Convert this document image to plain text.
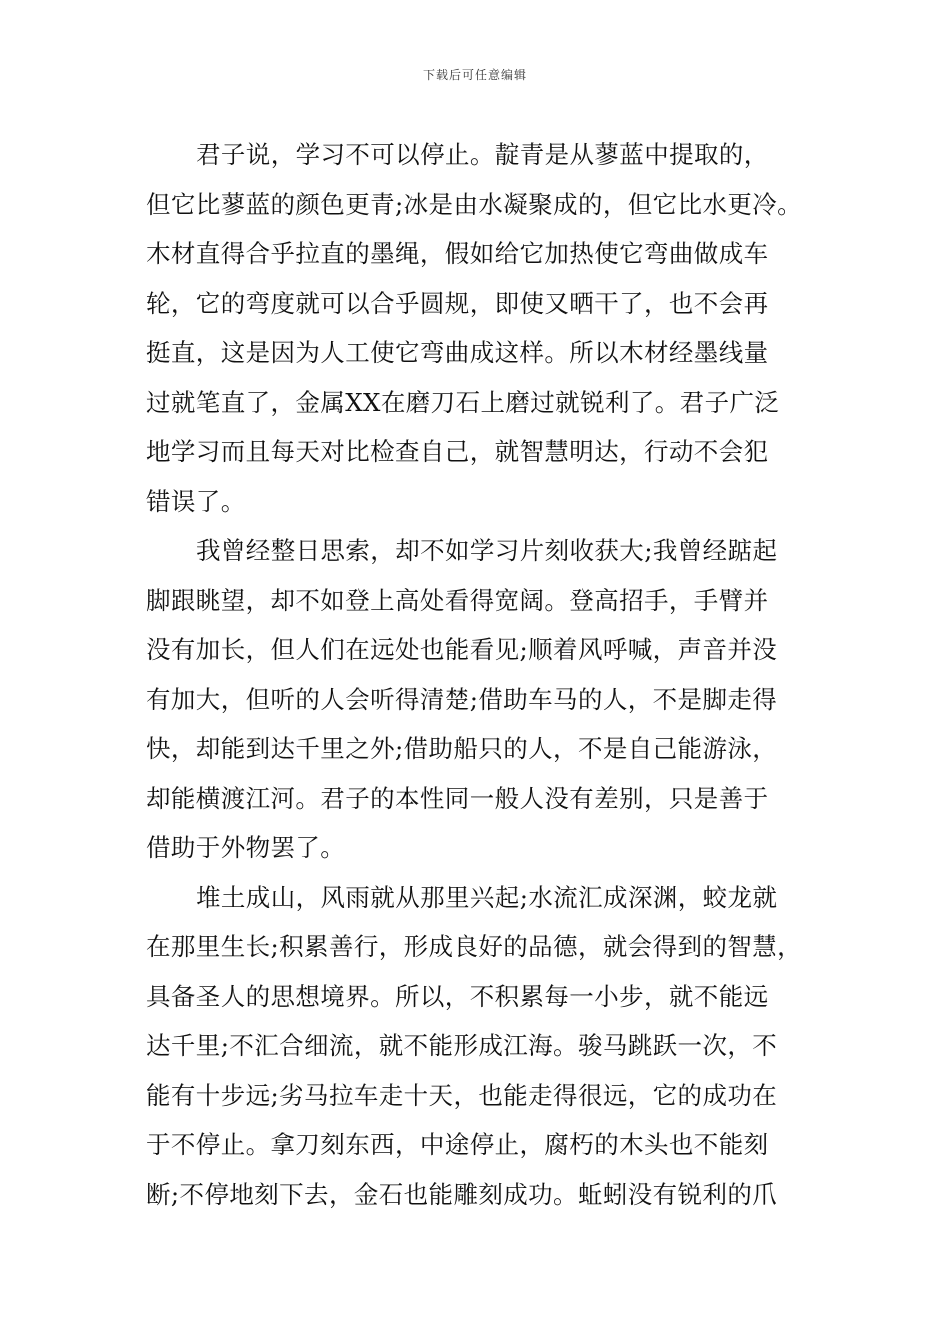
下载后可任意编辑
君子说，学习不可以停止。靛青是从蓼蓝中提取的，
但它比蓼蓝的颜色更青;冰是由水凝聚成的，但它比水更冷。
木材直得合乎拉直的墨绳，假如给它加热使它弯曲做成车
轮，它的弯度就可以合乎圆规，即使又晒干了，也不会再
挺直，这是因为人工使它弯曲成这样。所以木材经墨线量
过就笔直了，金属XX在磨刀石上磨过就锐利了。君子广泛
地学习而且每天对比检查自己，就智慧明达，行动不会犯
错误了。
我曾经整日思索，却不如学习片刻收获大;我曾经踮起
脚跟眺望，却不如登上高处看得宽阔。登高招手，手臂并
没有加长，但人们在远处也能看见;顺着风呼喊，声音并没
有加大，但听的人会听得清楚;借助车马的人，不是脚走得
快，却能到达千里之外;借助船只的人，不是自己能游泳，
却能横渡江河。君子的本性同一般人没有差别，只是善于
借助于外物罢了。
堆土成山，风雨就从那里兴起;水流汇成深渊，蛟龙就
在那里生长;积累善行，形成良好的品德，就会得到的智慧，
具备圣人的思想境界。所以，不积累每一小步，就不能远
达千里;不汇合细流，就不能形成江海。骏马跳跃一次，不
能有十步远;劣马拉车走十天，也能走得很远，它的成功在
于不停止。拿刀刻东西，中途停止，腐朽的木头也不能刻
断;不停地刻下去，金石也能雕刻成功。蚯蚓没有锐利的爪
